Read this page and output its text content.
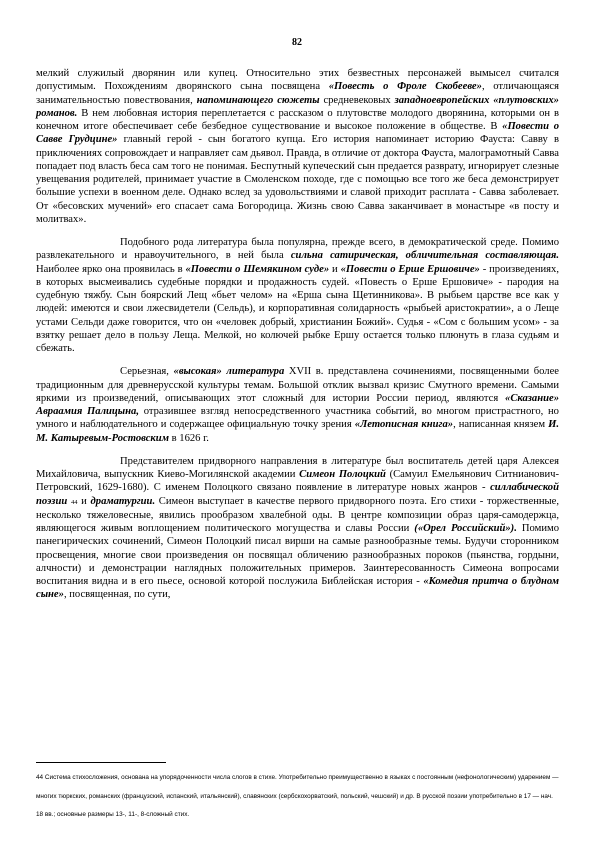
82

мелкий служилый дворянин или купец. Относительно этих безвестных персонажей вымысел считался допустимым. Похождениям дворянского сына посвящена «Повесть о Фроле Скобееве», отличающаяся занимательностью повествования, напоминающего сюжеты средневековых западноевропейских «плутовских» романов. В нем любовная история переплетается с рассказом о плутовстве молодого дворянина, которыми он в конечном итоге обеспечивает себе безбедное существование и высокое положение в обществе. В «Повести о Савве Грудцине» главный герой - сын богатого купца. Его история напоминает историю Фауста: Савву в приключениях сопровождает и направляет сам дьявол. Правда, в отличие от доктора Фауста, малограмотный Савва попадает под власть беса сам того не понимая. Беспутный купеческий сын предается разврату, игнорирует слезные увещевания родителей, принимает участие в Смоленском походе, где с помощью все того же беса демонстрирует большие успехи в военном деле. Однако вслед за удовольствиями и славой приходит расплата - Савва заболевает. От «бесовских мучений» его спасает сама Богородица. Жизнь свою Савва заканчивает в монастыре «в посту и молитвах».

Подобного рода литература была популярна, прежде всего, в демократической среде. Помимо развлекательного и нравоучительного, в ней была сильна сатирическая, обличительная составляющая. Наиболее ярко она проявилась в «Повести о Шемякином суде» и «Повести о Ерше Ершовиче» - произведениях, в которых высмеивались судебные порядки и продажность судей. «Повесть о Ерше Ершовиче» - пародия на судебную тяжбу. Сын боярский Лещ «бьет челом» на «Ерша сына Щетинникова». В рыбьем царстве все как у людей: имеются и свои лжесвидетели (Сельдь), и корпоративная солидарность «рыбьей аристократии», а о Леще устами Сельди даже говорится, что он «человек добрый, христианин Божий». Судья - «Сом с большим усом» - за взятку решает дело в пользу Леща. Мелкой, но колючей рыбке Ершу остается только плюнуть в глаза судьям и сбежать.

Серьезная, «высокая» литература XVII в. представлена сочинениями, посвященными более традиционным для древнерусской культуры темам. Большой отклик вызвал кризис Смутного времени. Самыми яркими из произведений, описывающих этот сложный для истории России период, являются «Сказание» Авраамия Палицына, отразившее взгляд непосредственного участника событий, во многом пристрастного, но умного и наблюдательного и содержащее официальную точку зрения «Летописная книга», написанная князем И. М. Катыревым-Ростовским в 1626 г.

Представителем придворного направления в литературе был воспитатель детей царя Алексея Михайловича, выпускник Киево-Могилянской академии Симеон Полоцкий (Самуил Емельянович Ситнианович-Петровский, 1629-1680). С именем Полоцкого связано появление в литературе новых жанров - силлабической поэзии 44 и драматургии. Симеон выступает в качестве первого придворного поэта. Его стихи - торжественные, несколько тяжеловесные, явились прообразом хвалебной оды. В центре композиции образ царя-самодержца, являющегося живым воплощением политического могущества и славы России («Орел Российский»). Помимо панегирических сочинений, Симеон Полоцкий писал вирши на самые разнообразные темы. Будучи сторонником просвещения, многие свои произведения он посвящал обличению разнообразных пороков (пьянства, гордыни, алчности) и демонстрации наглядных положительных примеров. Заинтересованность Симеона вопросами воспитания видна и в его пьесе, основой которой послужила Библейская история - «Комедия притча о блудном сыне», посвященная, по сути,

44 Система стихосложения, основана на упорядоченности числа слогов в стихе. Употребительно преимущественно в языках с постоянным (нефонологическим) ударением — многих тюркских, романских (французский, испанский, итальянский), славянских (сербскохорватский, польский, чешский) и др. В русской поэзии употребительно в 17 — нач. 18 вв.; основные размеры 13-, 11-, 8-сложный стих.
